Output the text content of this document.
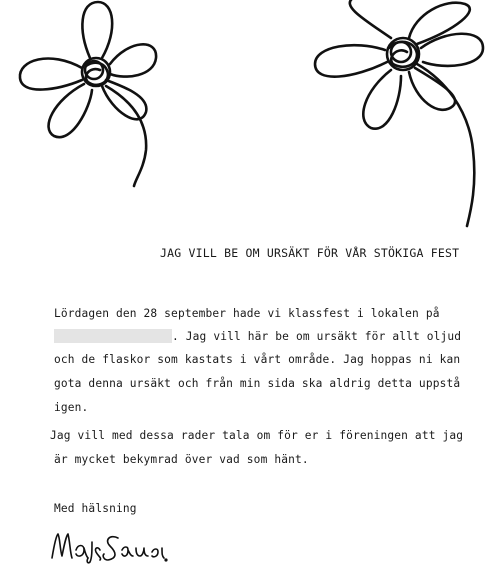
JAG VILL BE OM URSÄKT FÖR VÅR STÖKIGA FEST
Lördagen den 28 september hade vi klassfest i lokalen på
. Jag vill här be om ursäkt för allt oljud
och de flaskor som kastats i vårt område. Jag hoppas ni kan
gota denna ursäkt och från min sida ska aldrig detta uppstå
igen.
Jag vill med dessa rader tala om för er i föreningen att jag
är mycket bekymrad över vad som hänt.
Med hälsning
